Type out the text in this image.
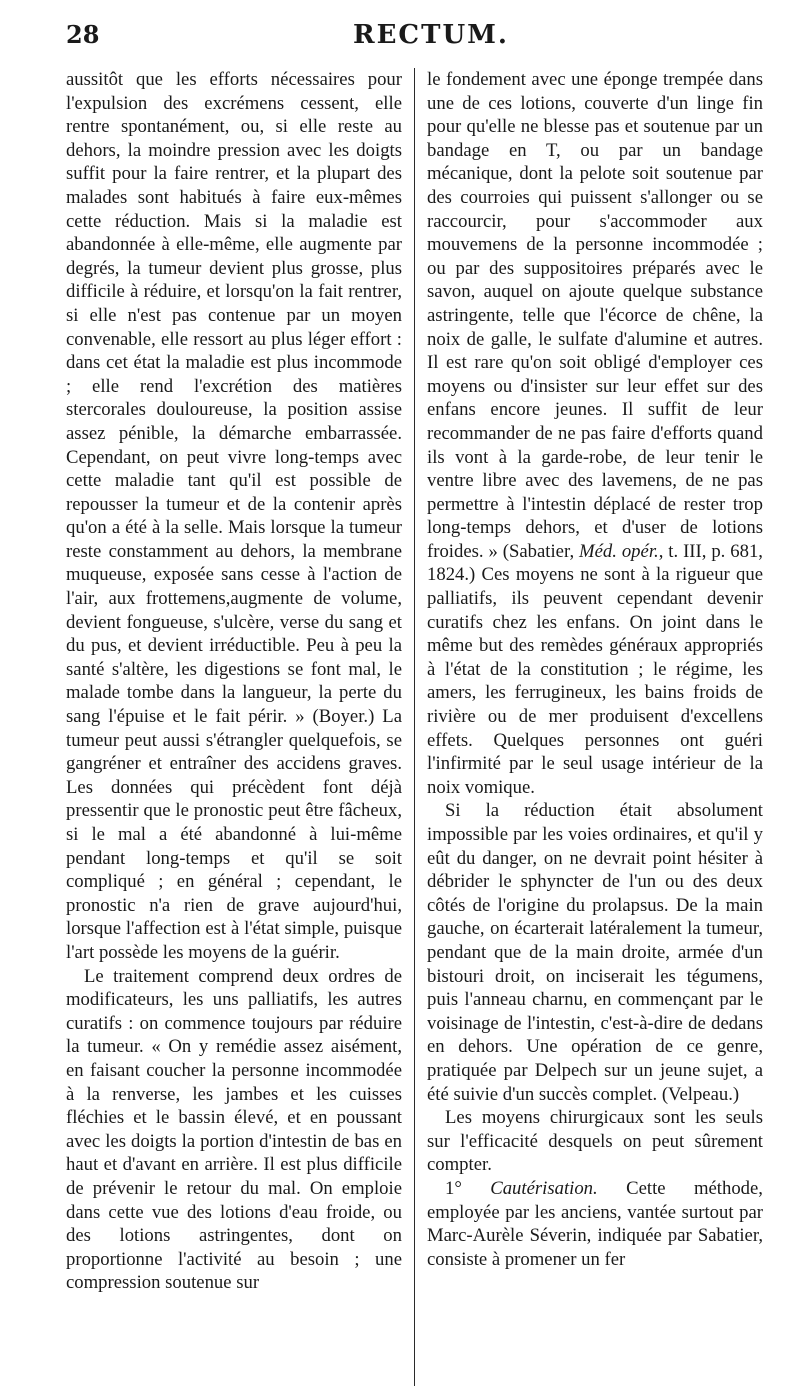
28	RECTUM.

aussitôt que les efforts nécessaires pour l'expulsion des excrémens cessent, elle rentre spontanément, ou, si elle reste au dehors, la moindre pression avec les doigts suffit pour la faire rentrer, et la plupart des malades sont habitués à faire eux-mêmes cette réduction. Mais si la maladie est abandonnée à elle-même, elle augmente par degrés, la tumeur devient plus grosse, plus difficile à réduire, et lorsqu'on la fait rentrer, si elle n'est pas contenue par un moyen convenable, elle ressort au plus léger effort : dans cet état la maladie est plus incommode ; elle rend l'excrétion des matières stercorales douloureuse, la position assise assez pénible, la démarche embarrassée. Cependant, on peut vivre long-temps avec cette maladie tant qu'il est possible de repousser la tumeur et de la contenir après qu'on a été à la selle. Mais lorsque la tumeur reste constamment au dehors, la membrane muqueuse, exposée sans cesse à l'action de l'air, aux frottemens,augmente de volume, devient fongueuse, s'ulcère, verse du sang et du pus, et devient irréductible. Peu à peu la santé s'altère, les digestions se font mal, le malade tombe dans la langueur, la perte du sang l'épuise et le fait périr. » (Boyer.) La tumeur peut aussi s'étrangler quelquefois, se gangréner et entraîner des accidens graves. Les données qui précèdent font déjà pressentir que le pronostic peut être fâcheux, si le mal a été abandonné à lui-même pendant long-temps et qu'il se soit compliqué ; en général ; cependant, le pronostic n'a rien de grave aujourd'hui, lorsque l'affection est à l'état simple, puisque l'art possède les moyens de la guérir.

Le traitement comprend deux ordres de modificateurs, les uns palliatifs, les autres curatifs : on commence toujours par réduire la tumeur. « On y remédie assez aisément, en faisant coucher la personne incommodée à la renverse, les jambes et les cuisses fléchies et le bassin élevé, et en poussant avec les doigts la portion d'intestin de bas en haut et d'avant en arrière. Il est plus difficile de prévenir le retour du mal. On emploie dans cette vue des lotions d'eau froide, ou des lotions astringentes, dont on proportionne l'activité au besoin ; une compression soutenue sur

le fondement avec une éponge trempée dans une de ces lotions, couverte d'un linge fin pour qu'elle ne blesse pas et soutenue par un bandage en T, ou par un bandage mécanique, dont la pelote soit soutenue par des courroies qui puissent s'allonger ou se raccourcir, pour s'accommoder aux mouvemens de la personne incommodée ; ou par des suppositoires préparés avec le savon, auquel on ajoute quelque substance astringente, telle que l'écorce de chêne, la noix de galle, le sulfate d'alumine et autres. Il est rare qu'on soit obligé d'employer ces moyens ou d'insister sur leur effet sur des enfans encore jeunes. Il suffit de leur recommander de ne pas faire d'efforts quand ils vont à la garde-robe, de leur tenir le ventre libre avec des lavemens, de ne pas permettre à l'intestin déplacé de rester trop long-temps dehors, et d'user de lotions froides. » (Sabatier, Méd. opér., t. III, p. 681, 1824.) Ces moyens ne sont à la rigueur que palliatifs, ils peuvent cependant devenir curatifs chez les enfans. On joint dans le même but des remèdes généraux appropriés à l'état de la constitution ; le régime, les amers, les ferrugineux, les bains froids de rivière ou de mer produisent d'excellens effets. Quelques personnes ont guéri l'infirmité par le seul usage intérieur de la noix vomique.

Si la réduction était absolument impossible par les voies ordinaires, et qu'il y eût du danger, on ne devrait point hésiter à débrider le sphyncter de l'un ou des deux côtés de l'origine du prolapsus. De la main gauche, on écarterait latéralement la tumeur, pendant que de la main droite, armée d'un bistouri droit, on inciserait les tégumens, puis l'anneau charnu, en commençant par le voisinage de l'intestin, c'est-à-dire de dedans en dehors. Une opération de ce genre, pratiquée par Delpech sur un jeune sujet, a été suivie d'un succès complet. (Velpeau.)

Les moyens chirurgicaux sont les seuls sur l'efficacité desquels on peut sûrement compter.

1° Cautérisation. Cette méthode, employée par les anciens, vantée surtout par Marc-Aurèle Séverin, indiquée par Sabatier, consiste à promener un fer
